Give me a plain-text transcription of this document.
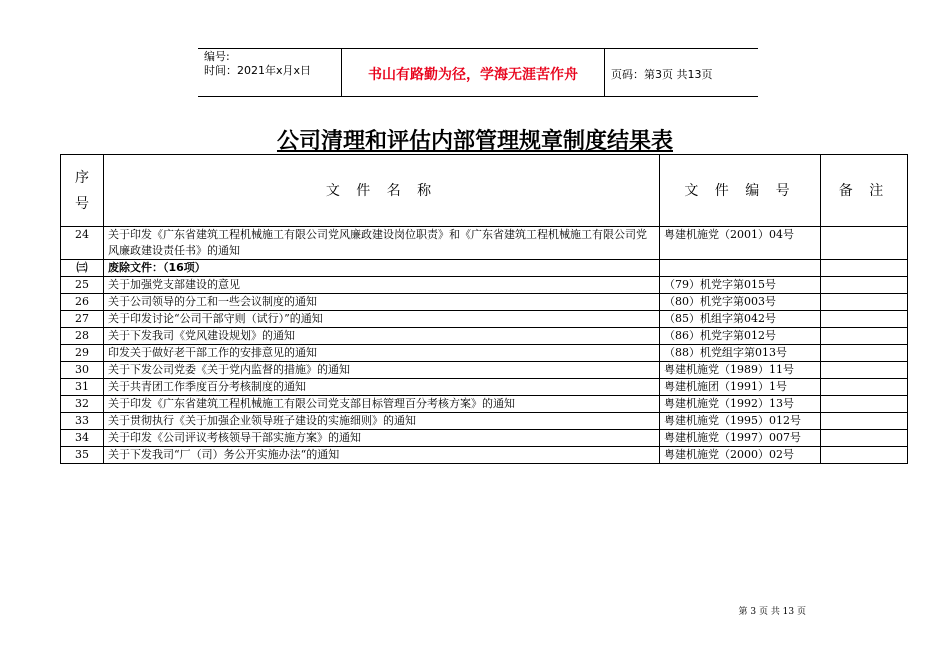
编号:
时间：2021年x月x日	书山有路勤为径，学海无涯苦作舟	页码：第3页 共13页
公司清理和评估内部管理规章制度结果表
序号	文 件 名 称	文 件 编 号	备 注
24	关于印发《广东省建筑工程机械施工有限公司党风廉政建设岗位职责》和《广东省建筑工程机械施工有限公司党风廉政建设责任书》的通知	粤建机施党（2001）04号	
㈢	废除文件：（16项）		
25	关于加强党支部建设的意见	（79）机党字第015号	
26	关于公司领导的分工和一些会议制度的通知	（80）机党字第003号	
27	关于印发讨论“公司干部守则（试行）”的通知	（85）机组字第042号	
28	关于下发我司《党风建设规划》的通知	（86）机党字第012号	
29	印发关于做好老干部工作的安排意见的通知	（88）机党组字第013号	
30	关于下发公司党委《关于党内监督的措施》的通知	粤建机施党（1989）11号	
31	关于共青团工作季度百分考核制度的通知	粤建机施团（1991）1号	
32	关于印发《广东省建筑工程机械施工有限公司党支部目标管理百分考核方案》的通知	粤建机施党（1992）13号	
33	关于贯彻执行《关于加强企业领导班子建设的实施细则》的通知	粤建机施党（1995）012号	
34	关于印发《公司评议考核领导干部实施方案》的通知	粤建机施党（1997）007号	
35	关于下发我司“厂（司）务公开实施办法“的通知	粤建机施党（2000）02号	
第 3 页 共 13 页
